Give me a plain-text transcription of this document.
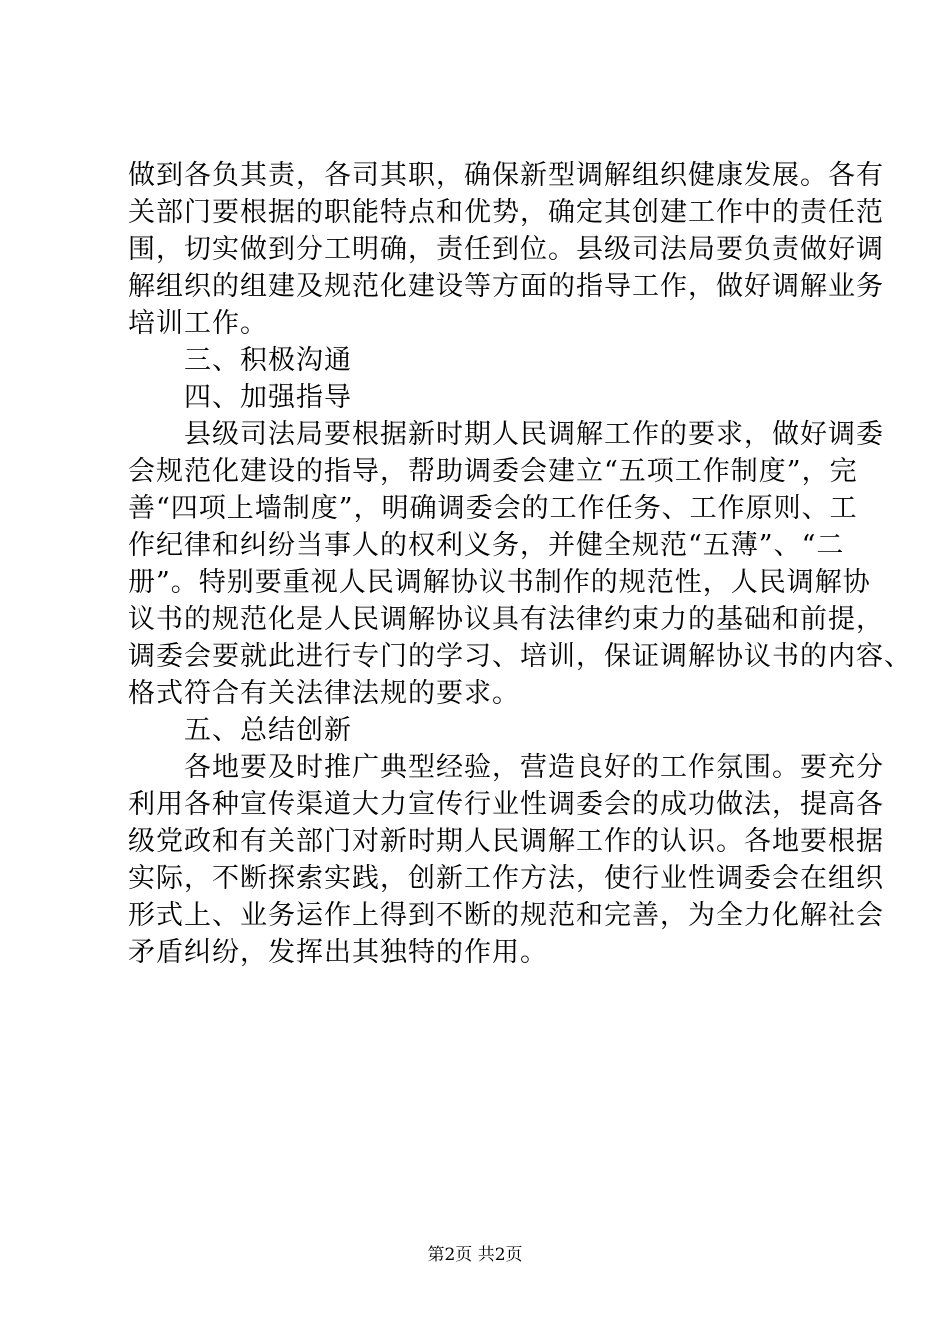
做到各负其责，各司其职，确保新型调解组织健康发展。各有
关部门要根据的职能特点和优势，确定其创建工作中的责任范
围，切实做到分工明确，责任到位。县级司法局要负责做好调
解组织的组建及规范化建设等方面的指导工作，做好调解业务
培训工作。
三、积极沟通
四、加强指导
县级司法局要根据新时期人民调解工作的要求，做好调委
会规范化建设的指导，帮助调委会建立“五项工作制度”，完
善“四项上墙制度”，明确调委会的工作任务、工作原则、工
作纪律和纠纷当事人的权利义务，并健全规范“五薄”、“二
册”。特别要重视人民调解协议书制作的规范性，人民调解协
议书的规范化是人民调解协议具有法律约束力的基础和前提，
调委会要就此进行专门的学习、培训，保证调解协议书的内容、
格式符合有关法律法规的要求。
五、总结创新
各地要及时推广典型经验，营造良好的工作氛围。要充分
利用各种宣传渠道大力宣传行业性调委会的成功做法，提高各
级党政和有关部门对新时期人民调解工作的认识。各地要根据
实际，不断探索实践，创新工作方法，使行业性调委会在组织
形式上、业务运作上得到不断的规范和完善，为全力化解社会
矛盾纠纷，发挥出其独特的作用。
第2页 共2页
